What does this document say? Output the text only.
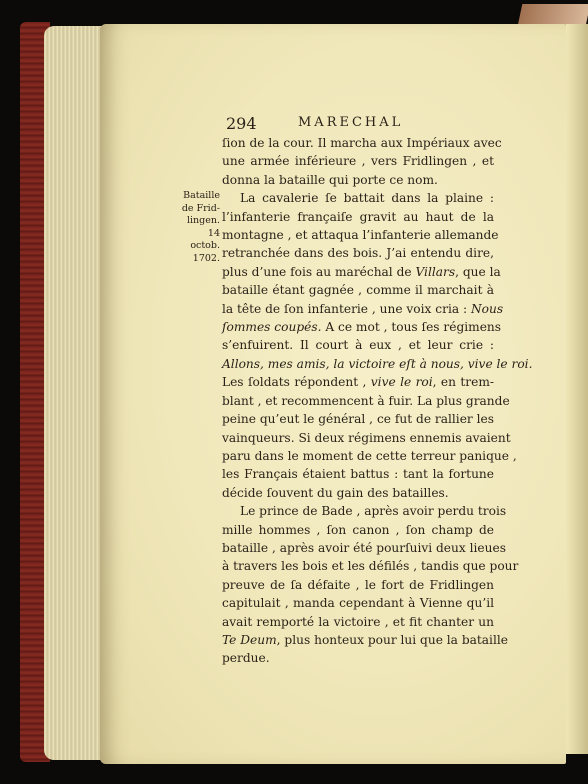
294	MARECHAL
Bataille
de Frid-
lingen.
14 octob.
1702.

ſion de la cour. Il marcha aux Impériaux avec
une armée inférieure , vers Fridlingen , et
donna la bataille qui porte ce nom.

La cavalerie ſe battait dans la plaine :
l’infanterie françaiſe gravit au haut de la
montagne , et attaqua l’infanterie allemande
retranchée dans des bois. J’ai entendu dire,
plus d’une fois au maréchal de Villars, que la
bataille étant gagnée , comme il marchait à
la tête de ſon infanterie , une voix cria : Nous
ſommes coupés. A ce mot , tous ſes régimens
s’enfuirent. Il court à eux , et leur crie :
Allons, mes amis, la victoire eſt à nous, vive le roi.
Les ſoldats répondent , vive le roi, en trem-
blant , et recommencent à fuir. La plus grande
peine qu’eut le général , ce fut de rallier les
vainqueurs. Si deux régimens ennemis avaient
paru dans le moment de cette terreur panique ,
les Français étaient battus : tant la fortune
décide ſouvent du gain des batailles.

Le prince de Bade , après avoir perdu trois
mille hommes , ſon canon , ſon champ de
bataille , après avoir été pourſuivi deux lieues
à travers les bois et les défilés , tandis que pour
preuve de ſa défaite , le fort de Fridlingen
capitulait , manda cependant à Vienne qu’il
avait remporté la victoire , et fit chanter un
Te Deum, plus honteux pour lui que la bataille
perdue.
